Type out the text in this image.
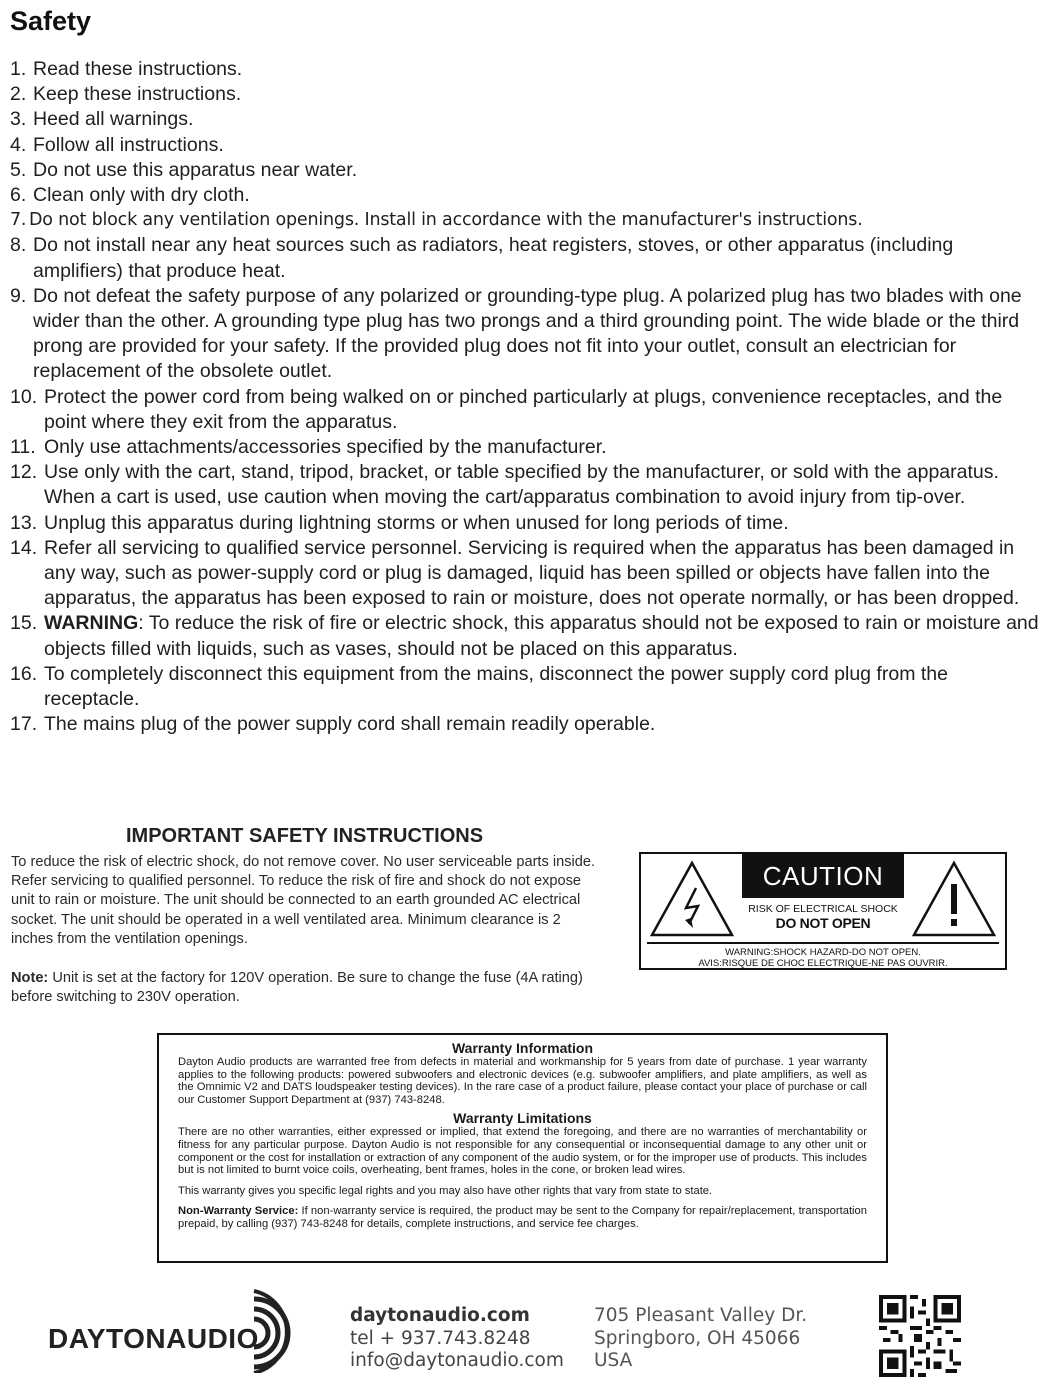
Safety
1. Read these instructions.
2. Keep these instructions.
3. Heed all warnings.
4. Follow all instructions.
5. Do not use this apparatus near water.
6. Clean only with dry cloth.
7. Do not block any ventilation openings. Install in accordance with the manufacturer's instructions.
8. Do not install near any heat sources such as radiators, heat registers, stoves, or other apparatus (including amplifiers) that produce heat.
9. Do not defeat the safety purpose of any polarized or grounding-type plug. A polarized plug has two blades with one wider than the other. A grounding type plug has two prongs and a third grounding point. The wide blade or the third prong are provided for your safety. If the provided plug does not fit into your outlet, consult an electrician for replacement of the obsolete outlet.
10. Protect the power cord from being walked on or pinched particularly at plugs, convenience receptacles, and the point where they exit from the apparatus.
11. Only use attachments/accessories specified by the manufacturer.
12. Use only with the cart, stand, tripod, bracket, or table specified by the manufacturer, or sold with the apparatus. When a cart is used, use caution when moving the cart/apparatus combination to avoid injury from tip-over.
13. Unplug this apparatus during lightning storms or when unused for long periods of time.
14. Refer all servicing to qualified service personnel. Servicing is required when the apparatus has been damaged in any way, such as power-supply cord or plug is damaged, liquid has been spilled or objects have fallen into the apparatus, the apparatus has been exposed to rain or moisture, does not operate normally, or has been dropped.
15. WARNING: To reduce the risk of fire or electric shock, this apparatus should not be exposed to rain or moisture and objects filled with liquids, such as vases, should not be placed on this apparatus.
16. To completely disconnect this equipment from the mains, disconnect the power supply cord plug from the receptacle.
17. The mains plug of the power supply cord shall remain readily operable.
IMPORTANT SAFETY INSTRUCTIONS

To reduce the risk of electric shock, do not remove cover. No user serviceable parts inside. Refer servicing to qualified personnel. To reduce the risk of fire and shock do not expose unit to rain or moisture. The unit should be connected to an earth grounded AC electrical socket. The unit should be operated in a well ventilated area. Minimum clearance is 2 inches from the ventilation openings.

Note: Unit is set at the factory for 120V operation. Be sure to change the fuse (4A rating) before switching to 230V operation.

CAUTION
RISK OF ELECTRICAL SHOCK
DO NOT OPEN
WARNING:SHOCK HAZARD-DO NOT OPEN.
AVIS:RISQUE DE CHOC ELECTRIQUE-NE PAS OUVRIR.

Warranty Information

Dayton Audio products are warranted free from defects in material and workmanship for 5 years from date of purchase. 1 year warranty applies to the following products: powered subwoofers and electronic devices (e.g. subwoofer amplifiers, and plate amplifiers, as well as the Omnimic V2 and DATS loudspeaker testing devices). In the rare case of a product failure, please contact your place of purchase or call our Customer Support Department at (937) 743-8248.

Warranty Limitations

There are no other warranties, either expressed or implied, that extend the foregoing, and there are no warranties of merchantability or fitness for any particular purpose. Dayton Audio is not responsible for any consequential or inconsequential damage to any other unit or component or the cost for installation or extraction of any component of the audio system, or for the improper use of products. This includes but is not limited to burnt voice coils, overheating, bent frames, holes in the cone, or broken lead wires.

This warranty gives you specific legal rights and you may also have other rights that vary from state to state.

Non-Warranty Service: If non-warranty service is required, the product may be sent to the Company for repair/replacement, transportation prepaid, by calling (937) 743-8248 for details, complete instructions, and service fee charges.

DAYTONAUDIO
daytonaudio.com
tel + 937.743.8248
info@daytonaudio.com
705 Pleasant Valley Dr.
Springboro, OH 45066
USA
